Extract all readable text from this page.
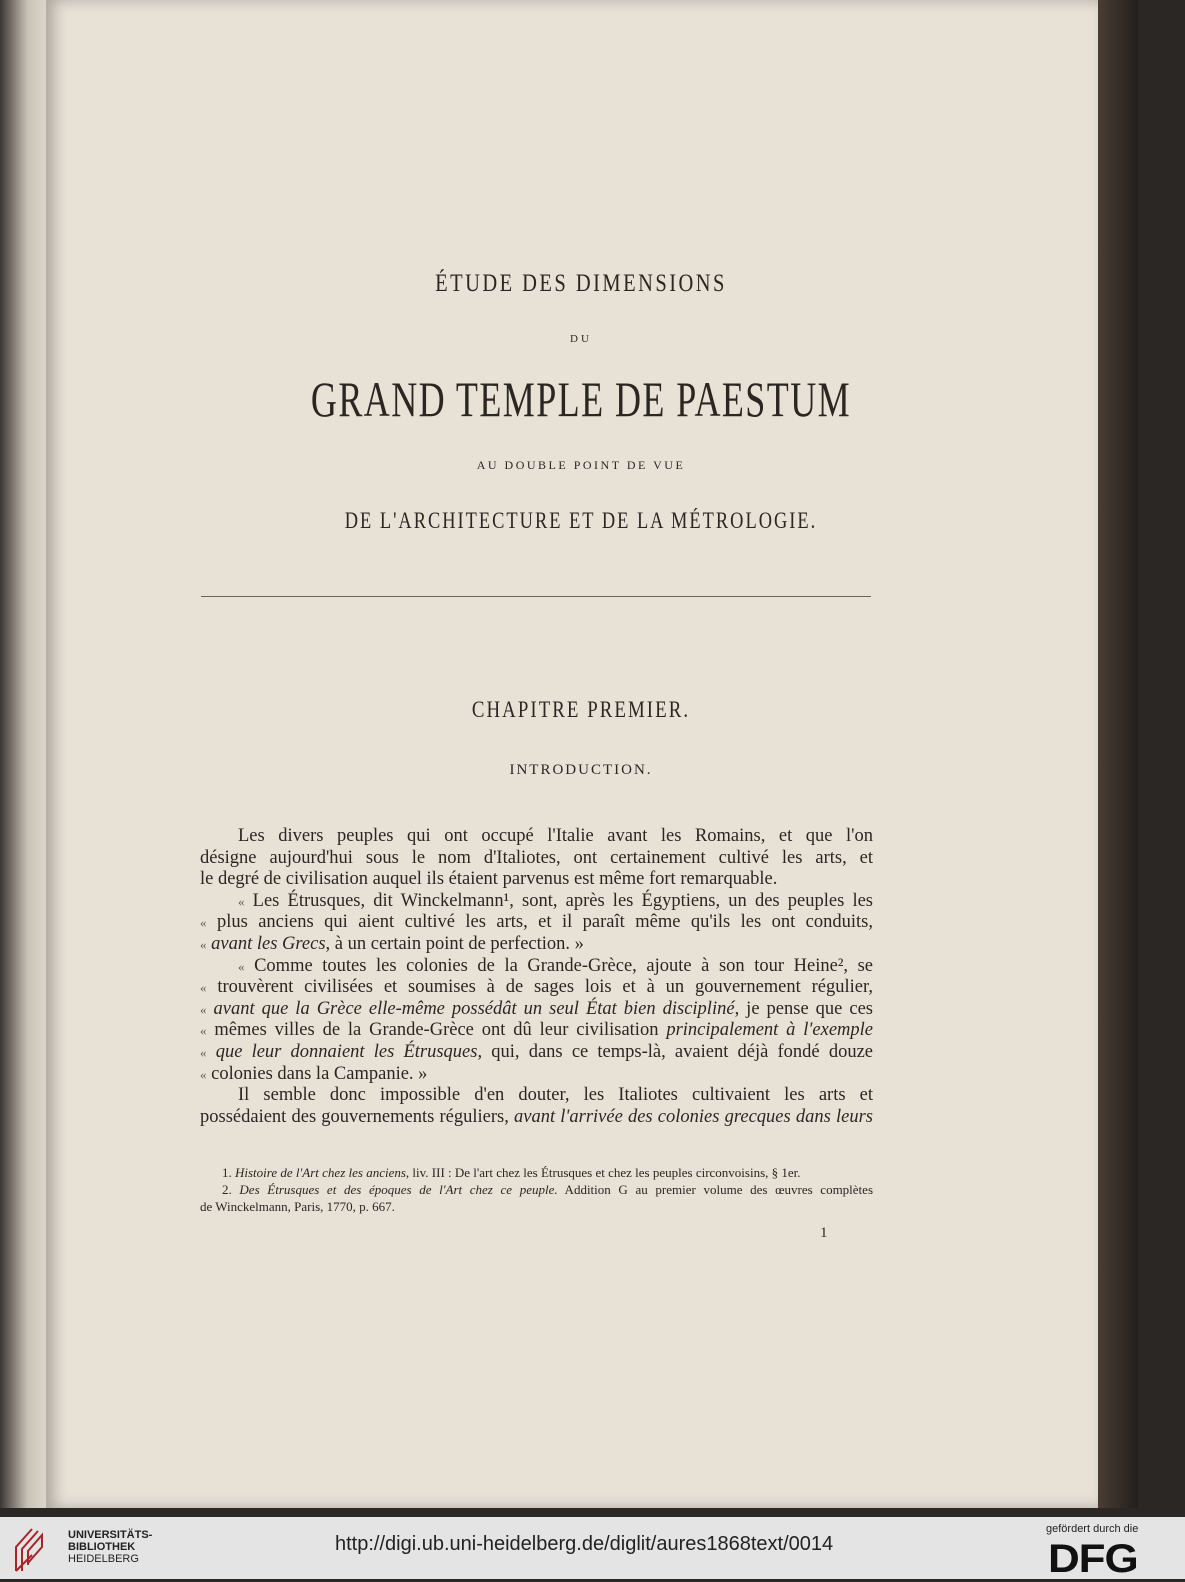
ÉTUDE DES DIMENSIONS
DU
GRAND TEMPLE DE PAESTUM
AU DOUBLE POINT DE VUE
DE L'ARCHITECTURE ET DE LA MÉTROLOGIE.
CHAPITRE PREMIER.
INTRODUCTION.
Les divers peuples qui ont occupé l'Italie avant les Romains, et que l'on
désigne aujourd'hui sous le nom d'Italiotes, ont certainement cultivé les arts, et
le degré de civilisation auquel ils étaient parvenus est même fort remarquable.
« Les Étrusques, dit Winckelmann¹, sont, après les Égyptiens, un des peuples les
« plus anciens qui aient cultivé les arts, et il paraît même qu'ils les ont conduits,
« avant les Grecs, à un certain point de perfection. »
« Comme toutes les colonies de la Grande-Grèce, ajoute à son tour Heine², se
« trouvèrent civilisées et soumises à de sages lois et à un gouvernement régulier,
« avant que la Grèce elle-même possédât un seul État bien discipliné, je pense que ces
« mêmes villes de la Grande-Grèce ont dû leur civilisation principalement à l'exemple
« que leur donnaient les Étrusques, qui, dans ce temps-là, avaient déjà fondé douze
« colonies dans la Campanie. »
Il semble donc impossible d'en douter, les Italiotes cultivaient les arts et
possédaient des gouvernements réguliers, avant l'arrivée des colonies grecques dans leurs
1. Histoire de l'Art chez les anciens, liv. III : De l'art chez les Étrusques et chez les peuples circonvoisins, § 1er.
2. Des Étrusques et des époques de l'Art chez ce peuple. Addition G au premier volume des œuvres complètes
de Winckelmann, Paris, 1770, p. 667.
1
UNIVERSITÄTS-
BIBLIOTHEK
HEIDELBERG
http://digi.ub.uni-heidelberg.de/diglit/aures1868text/0014
gefördert durch die
DFG
